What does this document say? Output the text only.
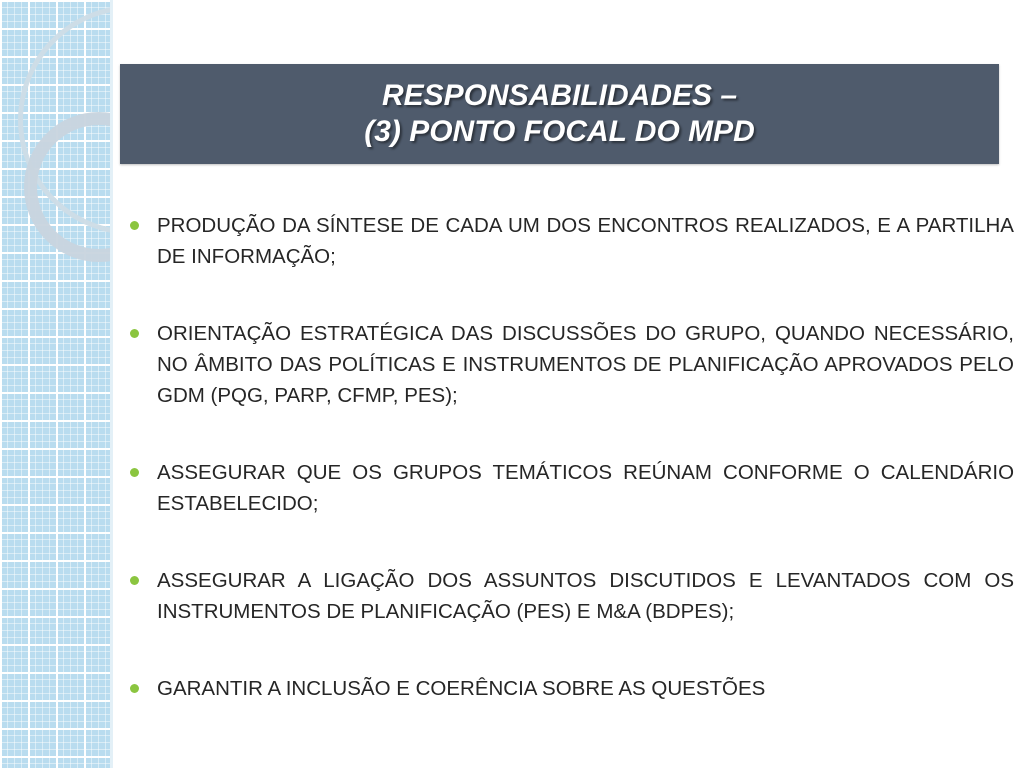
RESPONSABILIDADES –
(3) PONTO FOCAL DO MPD
PRODUÇÃO DA SÍNTESE DE CADA UM DOS ENCONTROS REALIZADOS, E A PARTILHA DE INFORMAÇÃO;
ORIENTAÇÃO ESTRATÉGICA DAS DISCUSSÕES DO GRUPO, QUANDO NECESSÁRIO, NO ÂMBITO DAS POLÍTICAS E INSTRUMENTOS DE PLANIFICAÇÃO APROVADOS PELO GDM (PQG, PARP, CFMP, PES);
ASSEGURAR QUE OS GRUPOS TEMÁTICOS REÚNAM CONFORME O CALENDÁRIO ESTABELECIDO;
ASSEGURAR A LIGAÇÃO DOS ASSUNTOS DISCUTIDOS E LEVANTADOS COM OS INSTRUMENTOS DE PLANIFICAÇÃO (PES) E M&A (BDPES);
GARANTIR A INCLUSÃO E COERÊNCIA SOBRE AS QUESTÕES
